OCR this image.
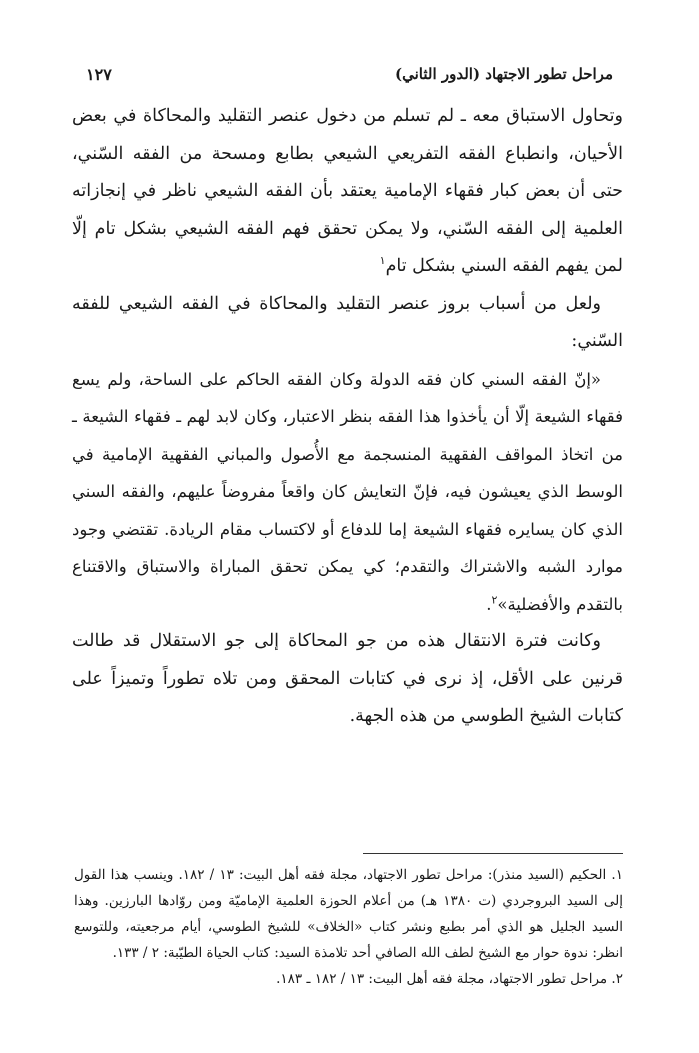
مراحل تطور الاجتهاد (الدور الثاني)
١٢٧

وتحاول الاستباق معه ـ لم تسلم من دخول عنصر التقليد والمحاكاة في بعض الأحيان، وانطباع الفقه التفريعي الشيعي بطابع ومسحة من الفقه السّني، حتى أن بعض كبار فقهاء الإمامية يعتقد بأن الفقه الشيعي ناظر في إنجازاته العلمية إلى الفقه السّني، ولا يمكن تحقق فهم الفقه الشيعي بشكل تام إلّا لمن يفهم الفقه السني بشكل تام$^١$

ولعل من أسباب بروز عنصر التقليد والمحاكاة في الفقه الشيعي للفقه السّني:

«إنّ الفقه السني كان فقه الدولة وكان الفقه الحاكم على الساحة، ولم يسع فقهاء الشيعة إلّا أن يأخذوا هذا الفقه بنظر الاعتبار، وكان لابد لهم ـ فقهاء الشيعة ـ من اتخاذ المواقف الفقهية المنسجمة مع الأُصول والمباني الفقهية الإمامية في الوسط الذي يعيشون فيه، فإنّ التعايش كان واقعاً مفروضاً عليهم، والفقه السني الذي كان يسايره فقهاء الشيعة إما للدفاع أو لاكتساب مقام الريادة. تقتضي وجود موارد الشبه والاشتراك والتقدم؛ كي يمكن تحقق المباراة والاستباق والاقتناع بالتقدم والأفضلية»$^٢$.

وكانت فترة الانتقال هذه من جو المحاكاة إلى جو الاستقلال قد طالت قرنين على الأقل، إذ نرى في كتابات المحقق ومن تلاه تطوراً وتميزاً على كتابات الشيخ الطوسي من هذه الجهة.

١. الحكيم (السيد منذر): مراحل تطور الاجتهاد، مجلة فقه أهل البيت: ١٣ / ١٨٢. وينسب هذا القول إلى السيد البروجردي (ت ١٣٨٠ هـ) من أعلام الحوزة العلمية الإماميّة ومن روّادها البارزين. وهذا السيد الجليل هو الذي أمر بطبع ونشر كتاب «الخلاف» للشيخ الطوسي، أيام مرجعيته، وللتوسع انظر: ندوة حوار مع الشيخ لطف الله الصافي أحد تلامذة السيد: كتاب الحياة الطيّبة: ٢ / ١٣٣.

٢. مراحل تطور الاجتهاد، مجلة فقه أهل البيت: ١٣ / ١٨٢ ـ ١٨٣.
